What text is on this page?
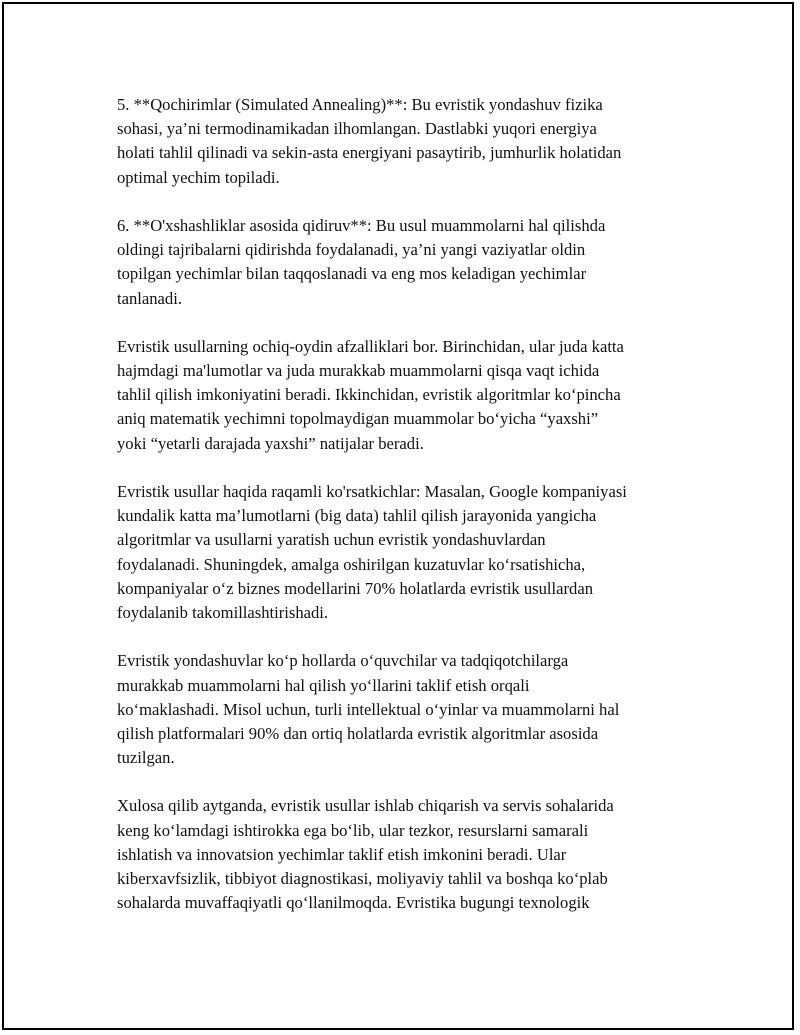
5. **Qochirimlar (Simulated Annealing)**: Bu evristik yondashuv fizika
sohasi, ya’ni termodinamikadan ilhomlangan. Dastlabki yuqori energiya
holati tahlil qilinadi va sekin-asta energiyani pasaytirib, jumhurlik holatidan
optimal yechim topiladi.

6. **O'xshashliklar asosida qidiruv**: Bu usul muammolarni hal qilishda
oldingi tajribalarni qidirishda foydalanadi, ya’ni yangi vaziyatlar oldin
topilgan yechimlar bilan taqqoslanadi va eng mos keladigan yechimlar
tanlanadi.

Evristik usullarning ochiq-oydin afzalliklari bor. Birinchidan, ular juda katta
hajmdagi ma'lumotlar va juda murakkab muammolarni qisqa vaqt ichida
tahlil qilish imkoniyatini beradi. Ikkinchidan, evristik algoritmlar ko‘pincha
aniq matematik yechimni topolmaydigan muammolar bo‘yicha “yaxshi”
yoki “yetarli darajada yaxshi” natijalar beradi.

Evristik usullar haqida raqamli ko'rsatkichlar: Masalan, Google kompaniyasi
kundalik katta ma’lumotlarni (big data) tahlil qilish jarayonida yangicha
algoritmlar va usullarni yaratish uchun evristik yondashuvlardan
foydalanadi. Shuningdek, amalga oshirilgan kuzatuvlar ko‘rsatishicha,
kompaniyalar o‘z biznes modellarini 70% holatlarda evristik usullardan
foydalanib takomillashtirishadi.

Evristik yondashuvlar ko‘p hollarda o‘quvchilar va tadqiqotchilarga
murakkab muammolarni hal qilish yo‘llarini taklif etish orqali
ko‘maklashadi. Misol uchun, turli intellektual o‘yinlar va muammolarni hal
qilish platformalari 90% dan ortiq holatlarda evristik algoritmlar asosida
tuzilgan.

Xulosa qilib aytganda, evristik usullar ishlab chiqarish va servis sohalarida
keng ko‘lamdagi ishtirokka ega bo‘lib, ular tezkor, resurslarni samarali
ishlatish va innovatsion yechimlar taklif etish imkonini beradi. Ular
kiberxavfsizlik, tibbiyot diagnostikasi, moliyaviy tahlil va boshqa ko‘plab
sohalarda muvaffaqiyatli qo‘llanilmoqda. Evristika bugungi texnologik
